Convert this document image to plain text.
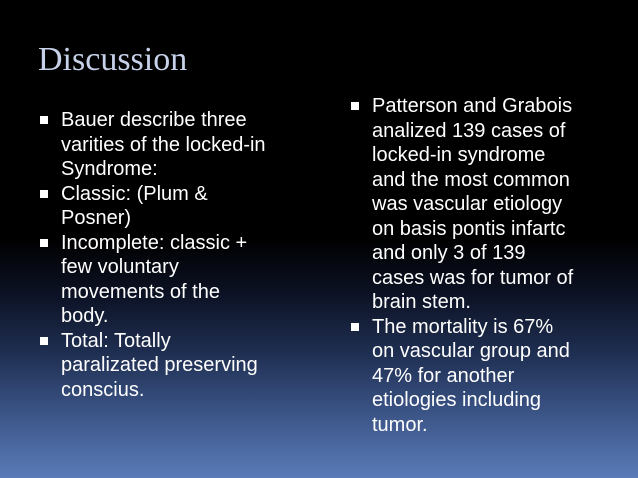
Discussion
Bauer describe three
varities of the locked-in
Syndrome:
Classic: (Plum &
Posner)
Incomplete: classic +
few voluntary
movements of the
body.
Total: Totally
paralizated preserving
conscius.
Patterson and Grabois
analized 139 cases of
locked-in syndrome
and the most common
was vascular etiology
on basis pontis infartc
and only 3 of 139
cases was for tumor of
brain stem.
The mortality is 67%
on vascular group and
47% for another
etiologies including
tumor.
